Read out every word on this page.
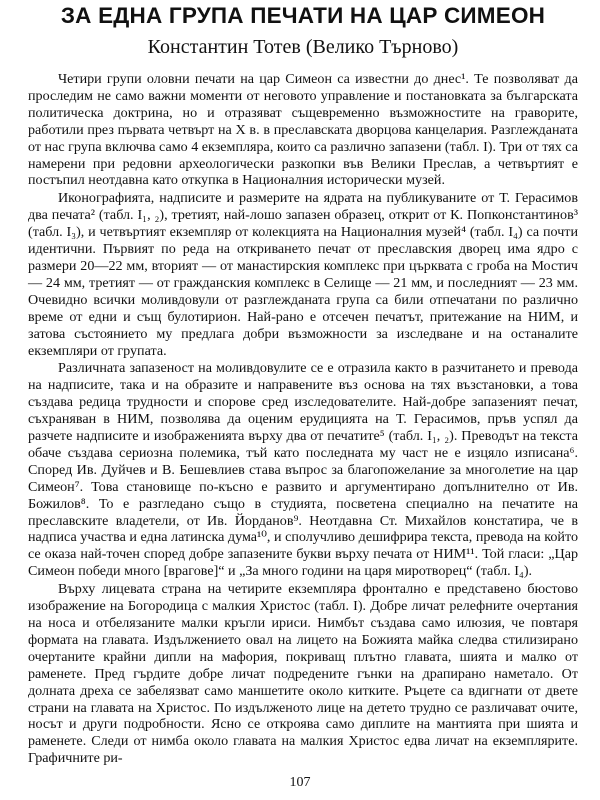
ЗА ЕДНА ГРУПА ПЕЧАТИ НА ЦАР СИМЕОН
Константин Тотев (Велико Търново)

Четири групи оловни печати на цар Симеон са известни до днес¹. Те позволяват да проследим не само важни моменти от неговото управление и постановката за българската политическа доктрина, но и отразяват същевременно възможностите на граворите, работили през първата четвърт на Х в. в преславската дворцова канцелария. Разглежданата от нас група включва само 4 екземпляра, които са различно запазени (табл. I). Три от тях са намерени при редовни археологически разкопки във Велики Преслав, а четвъртият е постъпил неотдавна като откупка в Националния исторически музей.

Иконографията, надписите и размерите на ядрата на публикуваните от Т. Герасимов два печата² (табл. I₁, ₂), третият, най-лошо запазен образец, открит от К. Попконстантинов³ (табл. I₃), и четвъртият екземпляр от колекцията на Националния музей⁴ (табл. I₄) са почти идентични. Първият по реда на откриването печат от преславския дворец има ядро с размери 20—22 мм, вторият — от манастирския комплекс при църквата с гроба на Мостич — 24 мм, третият — от гражданския комплекс в Селище — 21 мм, и последният — 23 мм. Очевидно всички моливдовули от разглежданата група са били отпечатани по различно време от едни и същ булотирион. Най-рано е отсечен печатът, притежание на НИМ, и затова състоянието му предлага добри възможности за изследване и на останалите екземпляри от групата.

Различната запазеност на моливдовулите се е отразила както в разчитането и превода на надписите, така и на образите и направените въз основа на тях възстановки, а това създава редица трудности и спорове сред изследователите. Най-добре запазеният печат, съхраняван в НИМ, позволява да оценим ерудицията на Т. Герасимов, пръв успял да разчете надписите и изображенията върху два от печатите⁵ (табл. I₁, ₂). Преводът на текста обаче създава сериозна полемика, тъй като последната му част не е изцяло изписана⁶. Според Ив. Дуйчев и В. Бешевлиев става въпрос за благопожелание за многолетие на цар Симеон⁷. Това становище по-късно е развито и аргументирано допълнително от Ив. Божилов⁸. То е разгледано също в студията, посветена специално на печатите на преславските владетели, от Ив. Йорданов⁹. Неотдавна Ст. Михайлов констатира, че в надписа участва и една латинска дума¹⁰, и сполучливо дешифрира текста, превода на който се оказа най-точен според добре запазените букви върху печата от НИМ¹¹. Той гласи: „Цар Симеон победи много [врагове]“ и „За много години на царя миротворец“ (табл. I₄).

Върху лицевата страна на четирите екземпляра фронтално е представено бюстово изображение на Богородица с малкия Христос (табл. I). Добре личат релефните очертания на носа и отбелязаните малки кръгли ириси. Нимбът създава само илюзия, че повтаря формата на главата. Издължението овал на лицето на Божията майка следва стилизирано очертаните крайни дипли на мафория, покриващ плътно главата, шията и малко от раменете. Пред гърдите добре личат подредените гънки на драпирано наметало. От долната дреха се забелязват само маншетите около китките. Ръцете са вдигнати от двете страни на главата на Христос. По издълженото лице на детето трудно се различават очите, носът и други подробности. Ясно се откроява само диплите на мантията при шията и раменете. Следи от нимба около главата на малкия Христос едва личат на екземплярите. Графичните ри-

107
